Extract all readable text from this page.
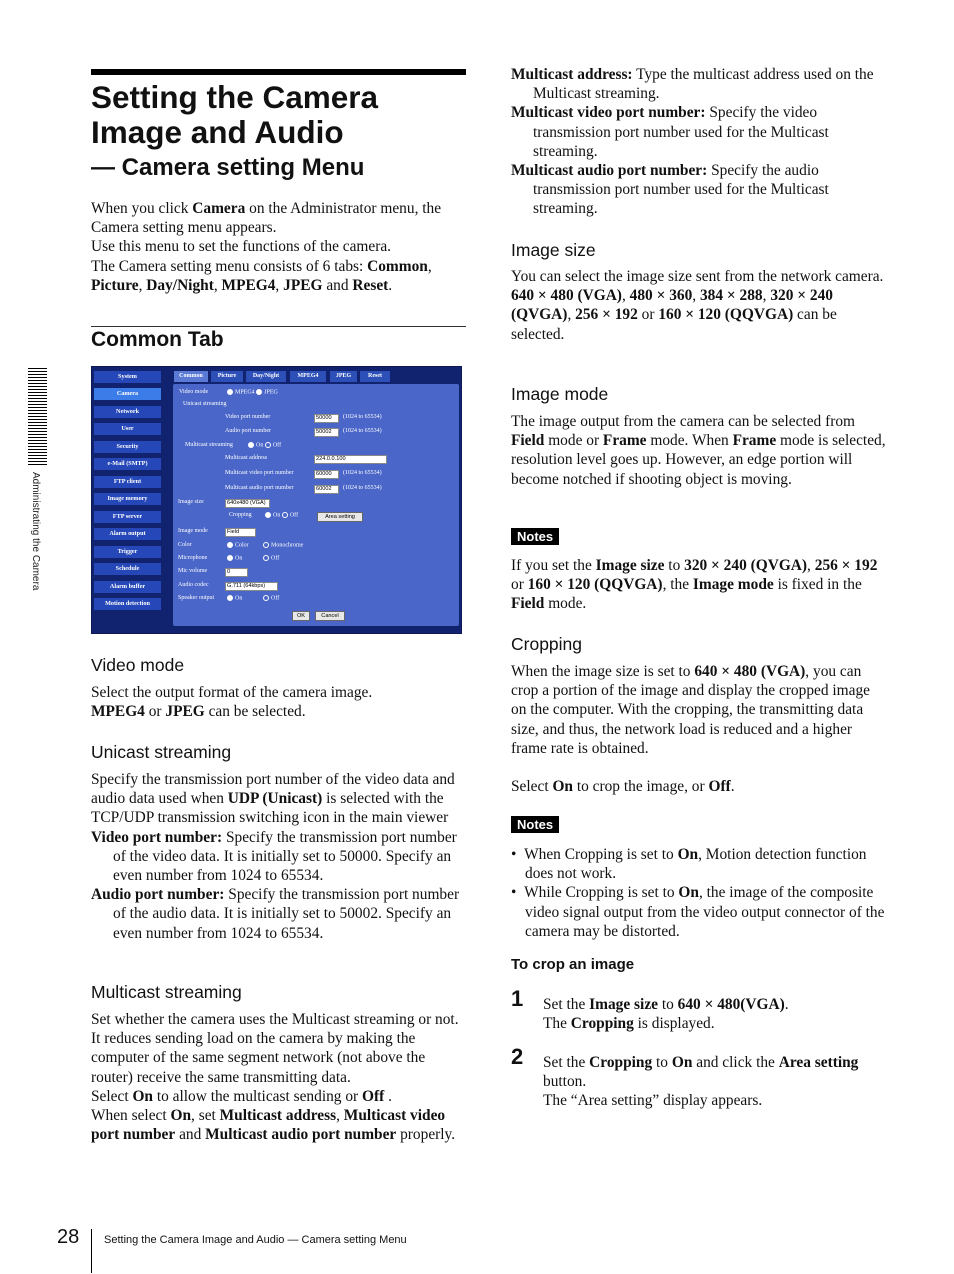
Administrating the Camera
Setting the Camera Image and Audio
— Camera setting Menu

When you click Camera on the Administrator menu, the Camera setting menu appears.

Use this menu to set the functions of the camera.

The Camera setting menu consists of 6 tabs: Common, Picture, Day/Night, MPEG4, JPEG and Reset.

Common Tab
System
Camera
Network
User
Security
e-Mail (SMTP)
FTP client
Image memory
FTP server
Alarm output
Trigger
Schedule
Alarm buffer
Motion detection
Common	Picture	Day/Night	MPEG4	JPEG	Reset
Video mode	MPEG4 JPEG
Unicast streaming
Video port number	50000	(1024 to 65534)
Audio port number	50002	(1024 to 65534)
Multicast streaming	On Off
Multicast address	224.0.0.100
Multicast video port number	60000	(1024 to 65534)
Multicast audio port number	60002	(1024 to 65534)
Image size	640x480 (VGA)
Cropping	On Off	Area setting
Image mode	Field
Color	Color	Monochrome
Microphone	On	Off
Mic volume	0
Audio codec	G.711 (64kbps)
Speaker output	On	Off
OK	Cancel
Video mode

Select the output format of the camera image.

MPEG4 or JPEG can be selected.

Unicast streaming

Specify the transmission port number of the video data and audio data used when UDP (Unicast) is selected with the TCP/UDP transmission switching icon in the main viewer

Video port number: Specify the transmission port number of the video data. It is initially set to 50000. Specify an even number from 1024 to 65534.

Audio port number: Specify the transmission port number of the audio data. It is initially set to 50002. Specify an even number from 1024 to 65534.

Multicast streaming

Set whether the camera uses the Multicast streaming or not. It reduces sending load on the camera by making the computer of the same segment network (not above the router) receive the same transmitting data.

Select On to allow the multicast sending or Off .

When select On, set Multicast address, Multicast video port number and Multicast audio port number properly.

Multicast address: Type the multicast address used on the Multicast streaming.

Multicast video port number: Specify the video transmission port number used for the Multicast streaming.

Multicast audio port number: Specify the audio transmission port number used for the Multicast streaming.

Image size

You can select the image size sent from the network camera.

640 × 480 (VGA), 480 × 360, 384 × 288, 320 × 240 (QVGA), 256 × 192 or 160 × 120 (QQVGA) can be selected.

Image mode

The image output from the camera can be selected from Field mode or Frame mode. When Frame mode is selected, resolution level goes up. However, an edge portion will become notched if shooting object is moving.

Notes

If you set the Image size to 320 × 240 (QVGA), 256 × 192 or 160 × 120 (QQVGA), the Image mode is fixed in the Field mode.

Cropping

When the image size is set to 640 × 480 (VGA), you can crop a portion of the image and display the cropped image on the computer. With the cropping, the transmitting data size, and thus, the network load is reduced and a higher frame rate is obtained.

Select On to crop the image, or Off.

Notes

• When Cropping is set to On, Motion detection function does not work.

• While Cropping is set to On, the image of the composite video signal output from the video output connector of the camera may be distorted.

To crop an image
1 Set the Image size to 640 × 480(VGA).

The Cropping is displayed.

2 Set the Cropping to On and click the Area setting button.

The “Area setting” display appears.

28 Setting the Camera Image and Audio — Camera setting Menu
